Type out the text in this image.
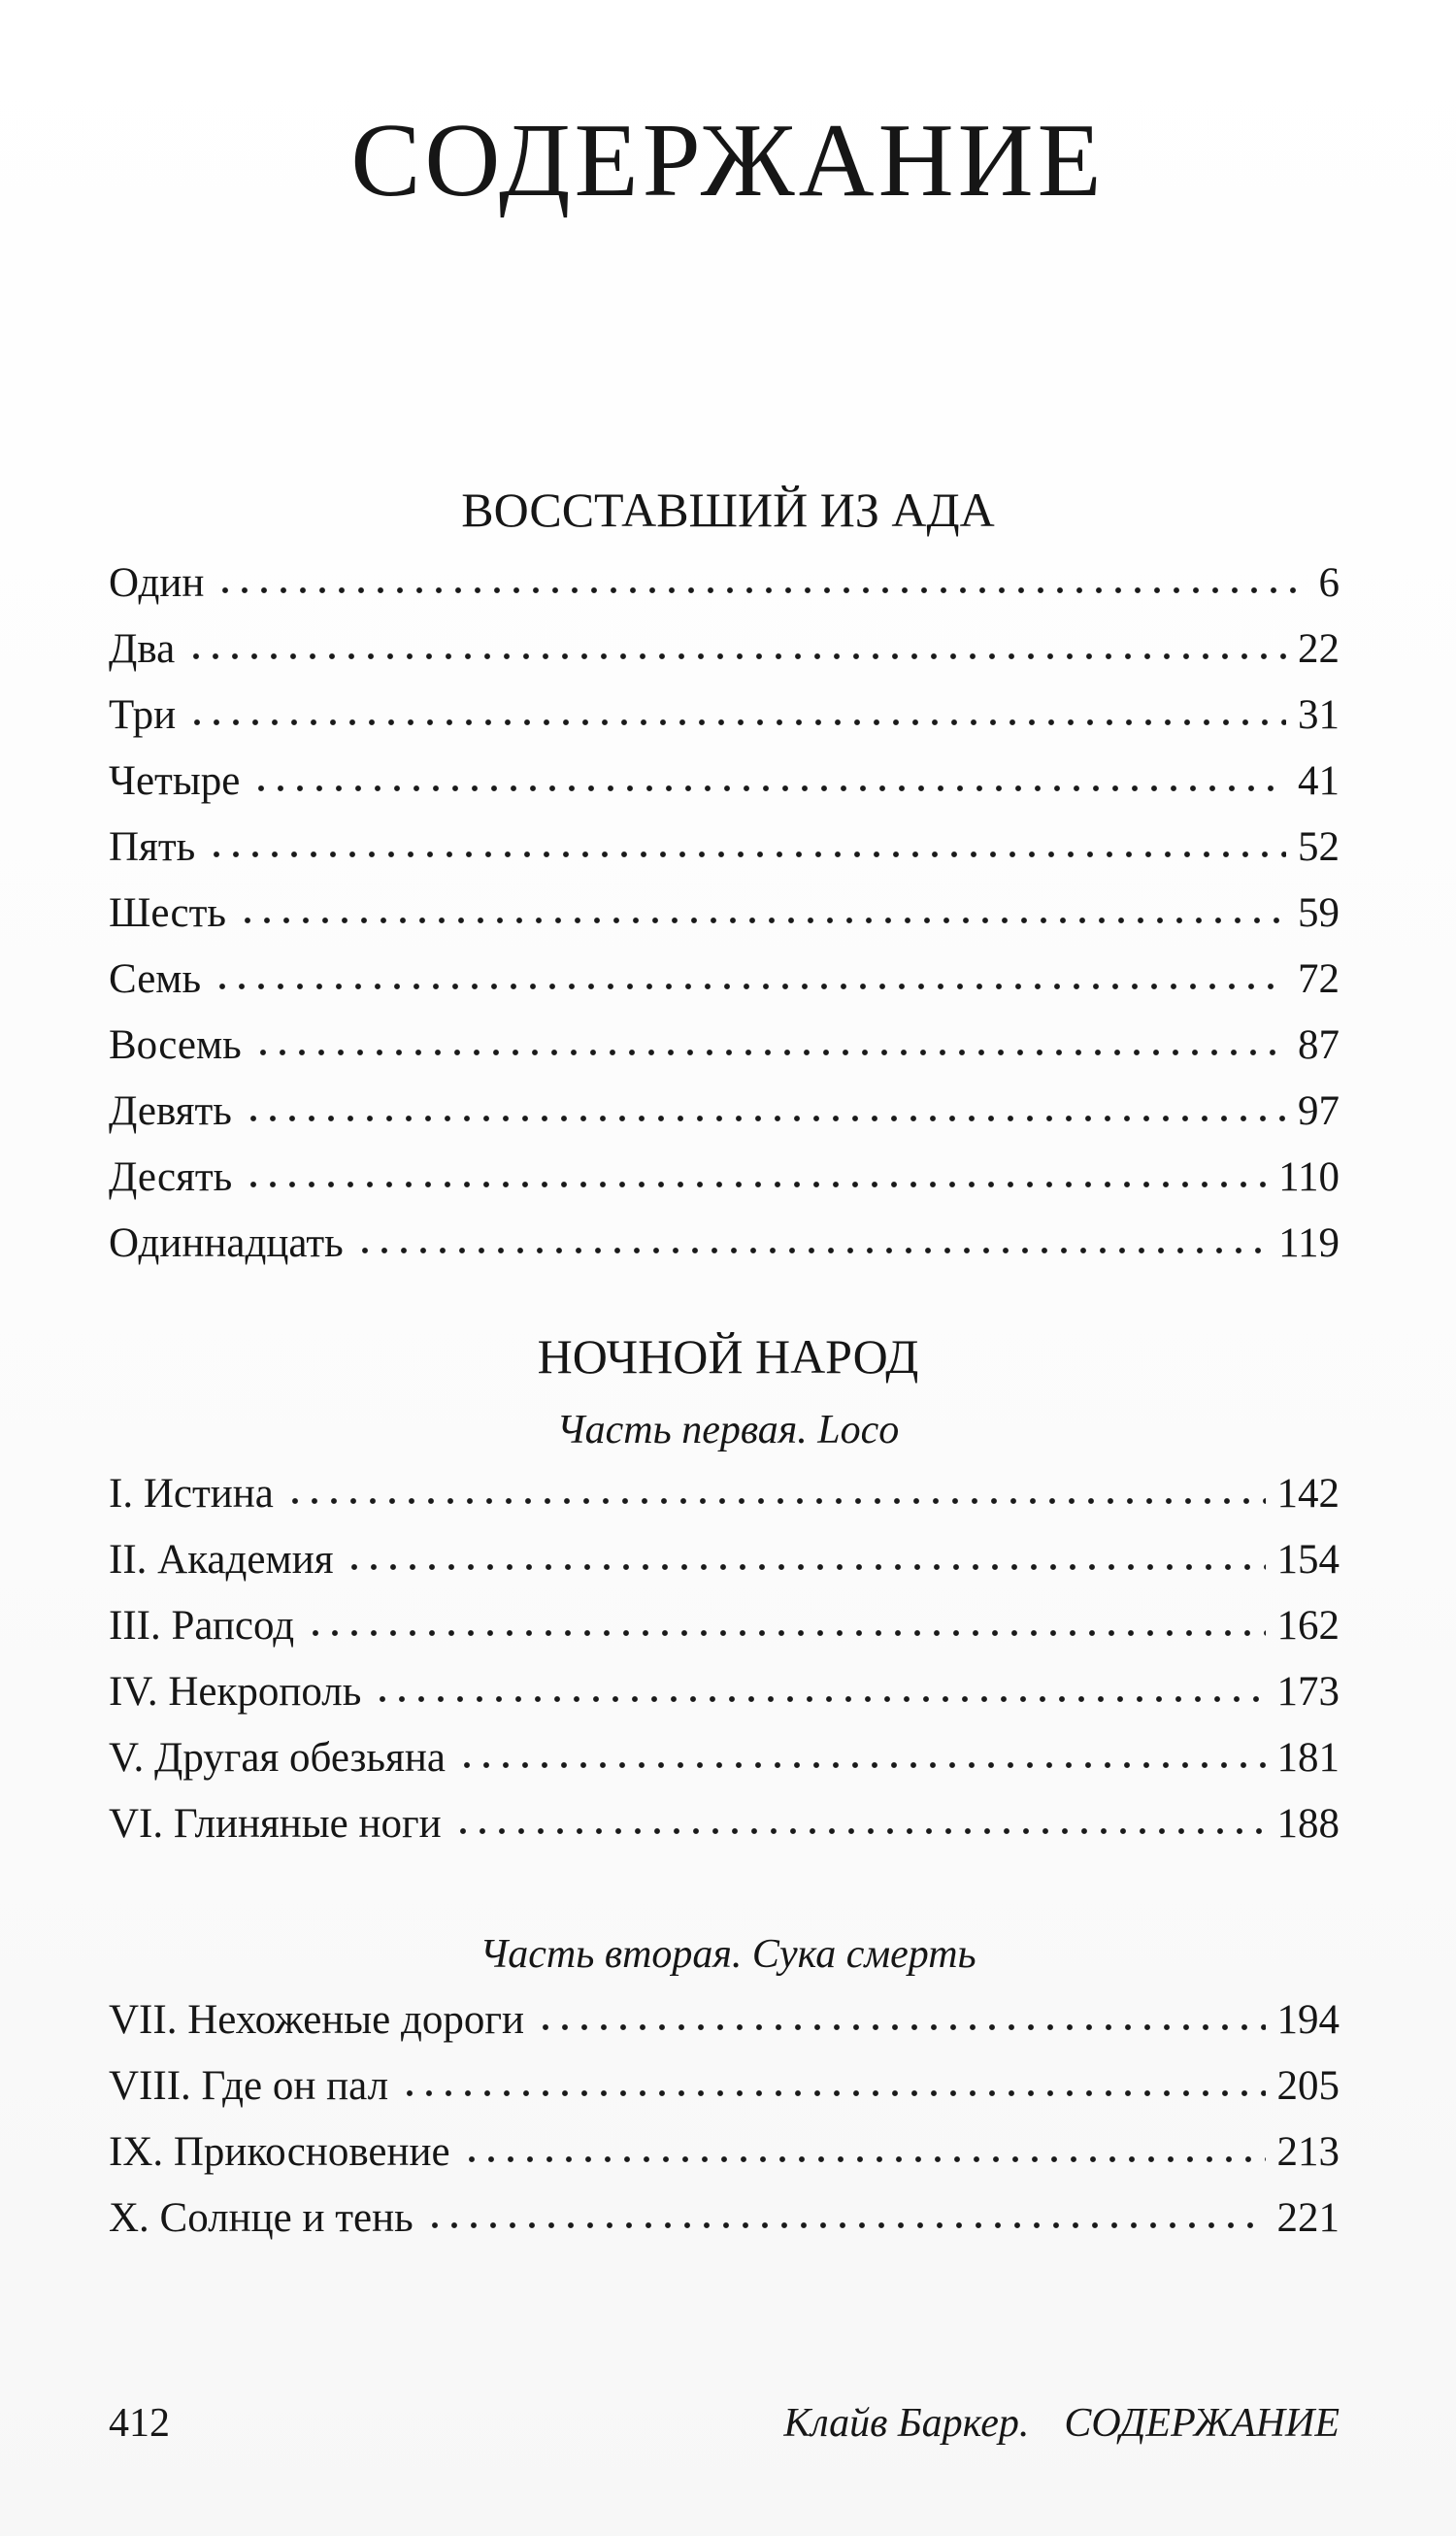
СОДЕРЖАНИЕ
ВОССТАВШИЙ ИЗ АДА
Один	6
Два	22
Три	31
Четыре	41
Пять	52
Шесть	59
Семь	72
Восемь	87
Девять	97
Десять	110
Одиннадцать	119
НОЧНОЙ НАРОД
Часть первая. Loco
I. Истина	142
II. Академия	154
III. Рапсод	162
IV. Некрополь	173
V. Другая обезьяна	181
VI. Глиняные ноги	188
Часть вторая. Сука смерть
VII. Нехоженые дороги	194
VIII. Где он пал	205
IX. Прикосновение	213
X. Солнце и тень	221
412	Клайв Баркер. СОДЕРЖАНИЕ
